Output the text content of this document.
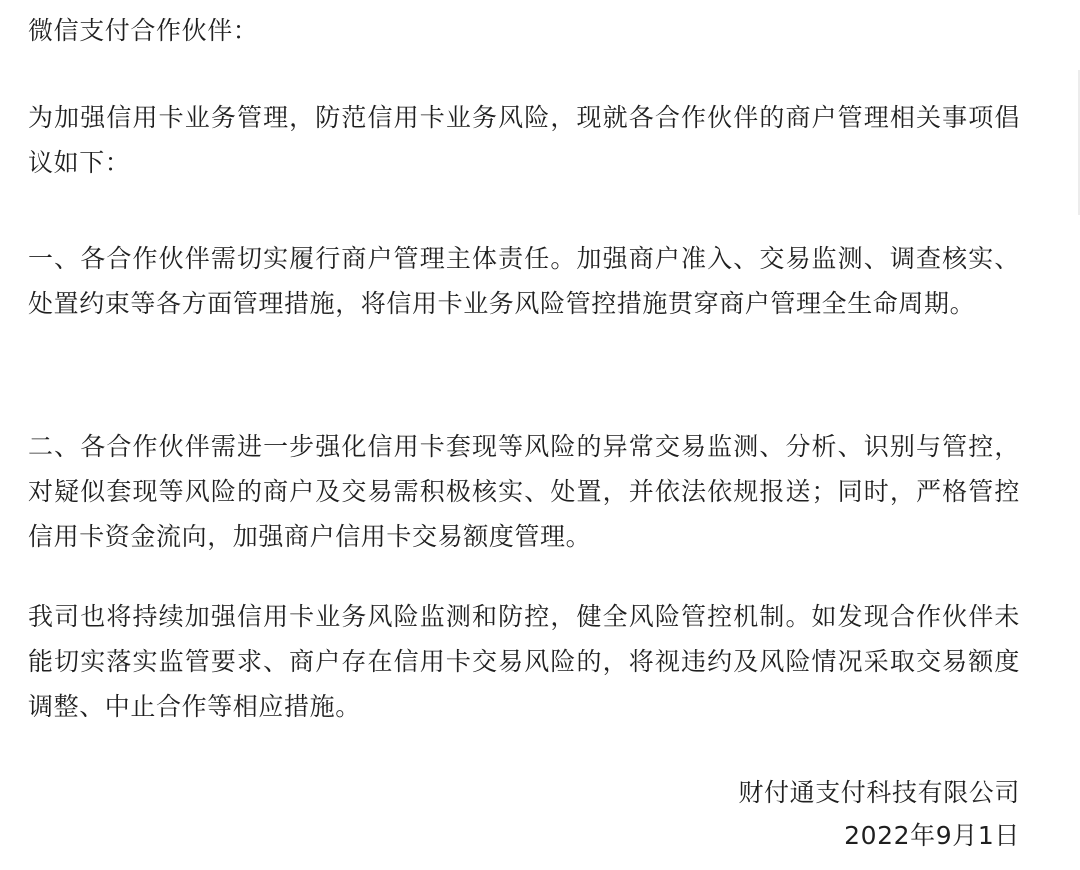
微信支付合作伙伴：

为加强信用卡业务管理，防范信用卡业务风险，现就各合作伙伴的商户管理相关事项倡议如下：

一、各合作伙伴需切实履行商户管理主体责任。加强商户准入、交易监测、调查核实、处置约束等各方面管理措施，将信用卡业务风险管控措施贯穿商户管理全生命周期。

二、各合作伙伴需进一步强化信用卡套现等风险的异常交易监测、分析、识别与管控，对疑似套现等风险的商户及交易需积极核实、处置，并依法依规报送；同时，严格管控信用卡资金流向，加强商户信用卡交易额度管理。

我司也将持续加强信用卡业务风险监测和防控，健全风险管控机制。如发现合作伙伴未能切实落实监管要求、商户存在信用卡交易风险的，将视违约及风险情况采取交易额度调整、中止合作等相应措施。

财付通支付科技有限公司
2022年9月1日
